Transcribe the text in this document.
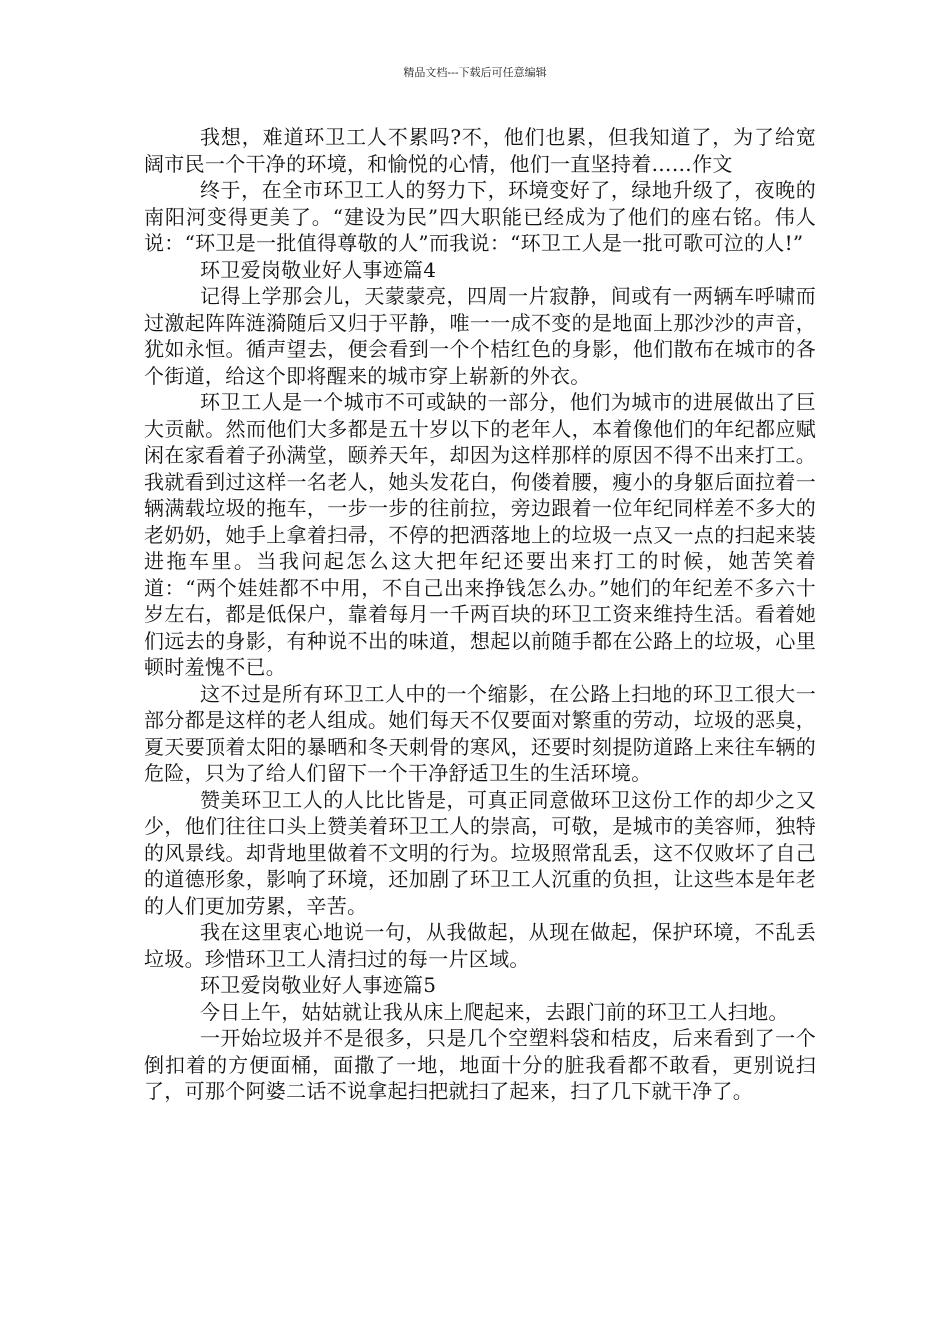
精品文档---下载后可任意编辑

我想，难道环卫工人不累吗?不，他们也累，但我知道了，为了给宽阔市民一个干净的环境，和愉悦的心情，他们一直坚持着……作文

终于，在全市环卫工人的努力下，环境变好了，绿地升级了，夜晚的南阳河变得更美了。“建设为民”四大职能已经成为了他们的座右铭。伟人说：“环卫是一批值得尊敬的人”而我说：“环卫工人是一批可歌可泣的人!”

环卫爱岗敬业好人事迹篇4

记得上学那会儿，天蒙蒙亮，四周一片寂静，间或有一两辆车呼啸而过激起阵阵涟漪随后又归于平静，唯一一成不变的是地面上那沙沙的声音，犹如永恒。循声望去，便会看到一个个桔红色的身影，他们散布在城市的各个街道，给这个即将醒来的城市穿上崭新的外衣。

环卫工人是一个城市不可或缺的一部分，他们为城市的进展做出了巨大贡献。然而他们大多都是五十岁以下的老年人，本着像他们的年纪都应赋闲在家看着子孙满堂，颐养天年，却因为这样那样的原因不得不出来打工。我就看到过这样一名老人，她头发花白，佝偻着腰，瘦小的身躯后面拉着一辆满载垃圾的拖车，一步一步的往前拉，旁边跟着一位年纪同样差不多大的老奶奶，她手上拿着扫帚，不停的把洒落地上的垃圾一点又一点的扫起来装进拖车里。当我问起怎么这大把年纪还要出来打工的时候，她苦笑着道：“两个娃娃都不中用，不自己出来挣钱怎么办。”她们的年纪差不多六十岁左右，都是低保户，靠着每月一千两百块的环卫工资来维持生活。看着她们远去的身影，有种说不出的味道，想起以前随手都在公路上的垃圾，心里顿时羞愧不已。

这不过是所有环卫工人中的一个缩影，在公路上扫地的环卫工很大一部分都是这样的老人组成。她们每天不仅要面对繁重的劳动，垃圾的恶臭，夏天要顶着太阳的暴晒和冬天刺骨的寒风，还要时刻提防道路上来往车辆的危险，只为了给人们留下一个干净舒适卫生的生活环境。

赞美环卫工人的人比比皆是，可真正同意做环卫这份工作的却少之又少，他们往往口头上赞美着环卫工人的崇高，可敬，是城市的美容师，独特的风景线。却背地里做着不文明的行为。垃圾照常乱丢，这不仅败坏了自己的道德形象，影响了环境，还加剧了环卫工人沉重的负担，让这些本是年老的人们更加劳累，辛苦。

我在这里衷心地说一句，从我做起，从现在做起，保护环境，不乱丢垃圾。珍惜环卫工人清扫过的每一片区域。

环卫爱岗敬业好人事迹篇5

今日上午，姑姑就让我从床上爬起来，去跟门前的环卫工人扫地。

一开始垃圾并不是很多，只是几个空塑料袋和桔皮，后来看到了一个倒扣着的方便面桶，面撒了一地，地面十分的脏我看都不敢看，更别说扫了，可那个阿婆二话不说拿起扫把就扫了起来，扫了几下就干净了。
